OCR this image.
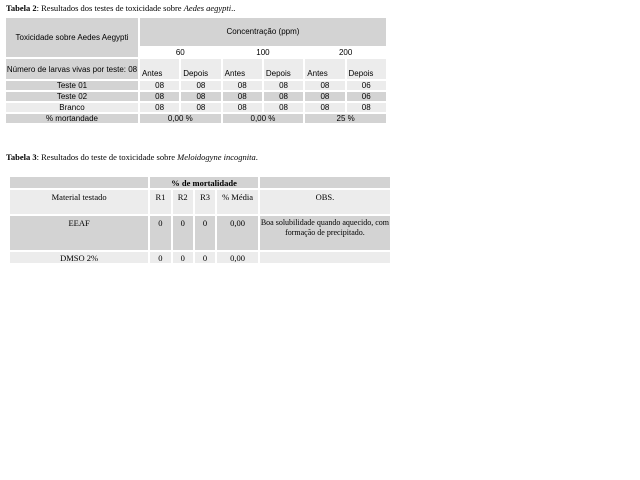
Tabela 2: Resultados dos testes de toxicidade sobre Aedes aegypti..
Toxicidade sobre Aedes Aegypti	Concentração (ppm)					
	60		100		200	
Número de larvas vivas por teste: 08	Antes	Depois	Antes	Depois	Antes	Depois
Teste 01	08	08	08	08	08	06
Teste 02	08	08	08	08	08	06
Branco	08	08	08	08	08	08
% mortandade	0,00 %		0,00 %		25 %	
Tabela 3: Resultados do teste de toxicidade sobre Meloidogyne incognita.
	% de mortalidade				
Material testado	R1	R2	R3	% Média	OBS.
EEAF	0	0	0	0,00	Boa solubilidade quando aquecido, com formação de precipitado.
DMSO 2%	0	0	0	0,00	
